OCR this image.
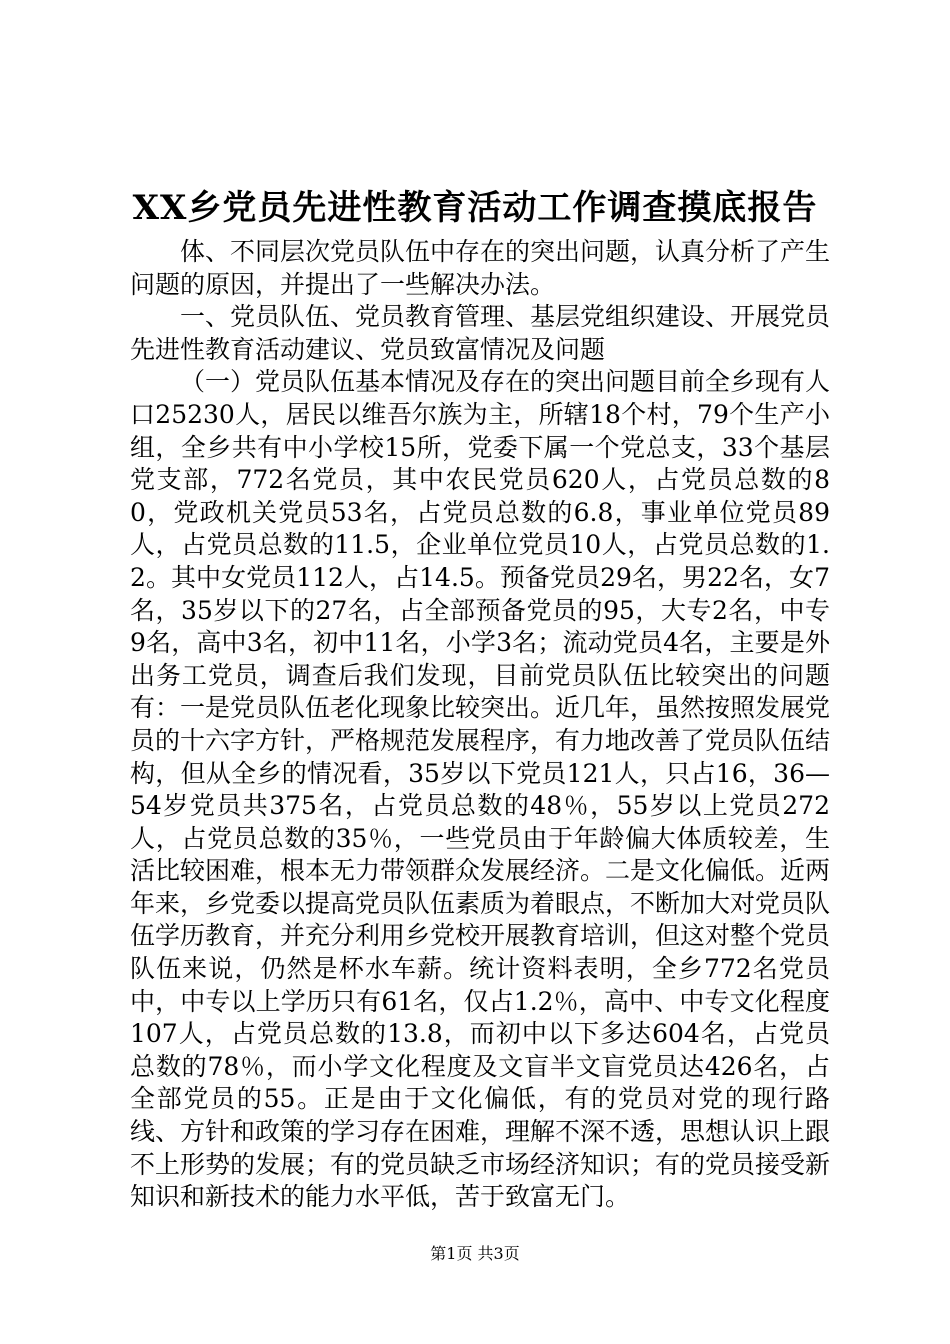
XX乡党员先进性教育活动工作调查摸底报告

体、不同层次党员队伍中存在的突出问题，认真分析了产生问题的原因，并提出了一些解决办法。

一、党员队伍、党员教育管理、基层党组织建设、开展党员先进性教育活动建议、党员致富情况及问题

（一）党员队伍基本情况及存在的突出问题目前全乡现有人口25230人，居民以维吾尔族为主，所辖18个村，79个生产小组，全乡共有中小学校15所，党委下属一个党总支，33个基层党支部，772名党员，其中农民党员620人，占党员总数的80，党政机关党员53名，占党员总数的6.8，事业单位党员89人，占党员总数的11.5，企业单位党员10人，占党员总数的1.2。其中女党员112人，占14.5。预备党员29名，男22名，女7名，35岁以下的27名，占全部预备党员的95，大专2名，中专9名，高中3名，初中11名，小学3名；流动党员4名，主要是外出务工党员，调查后我们发现，目前党员队伍比较突出的问题有：一是党员队伍老化现象比较突出。近几年，虽然按照发展党员的十六字方针，严格规范发展程序，有力地改善了党员队伍结构，但从全乡的情况看，35岁以下党员121人，只占16，36—54岁党员共375名，占党员总数的48％，55岁以上党员272人，占党员总数的35％，一些党员由于年龄偏大体质较差，生活比较困难，根本无力带领群众发展经济。二是文化偏低。近两年来，乡党委以提高党员队伍素质为着眼点，不断加大对党员队伍学历教育，并充分利用乡党校开展教育培训，但这对整个党员队伍来说，仍然是杯水车薪。统计资料表明，全乡772名党员中，中专以上学历只有61名，仅占1.2％，高中、中专文化程度107人，占党员总数的13.8，而初中以下多达604名，占党员总数的78％，而小学文化程度及文盲半文盲党员达426名，占全部党员的55。正是由于文化偏低，有的党员对党的现行路线、方针和政策的学习存在困难，理解不深不透，思想认识上跟不上形势的发展；有的党员缺乏市场经济知识；有的党员接受新知识和新技术的能力水平低，苦于致富无门。

第1页 共3页
